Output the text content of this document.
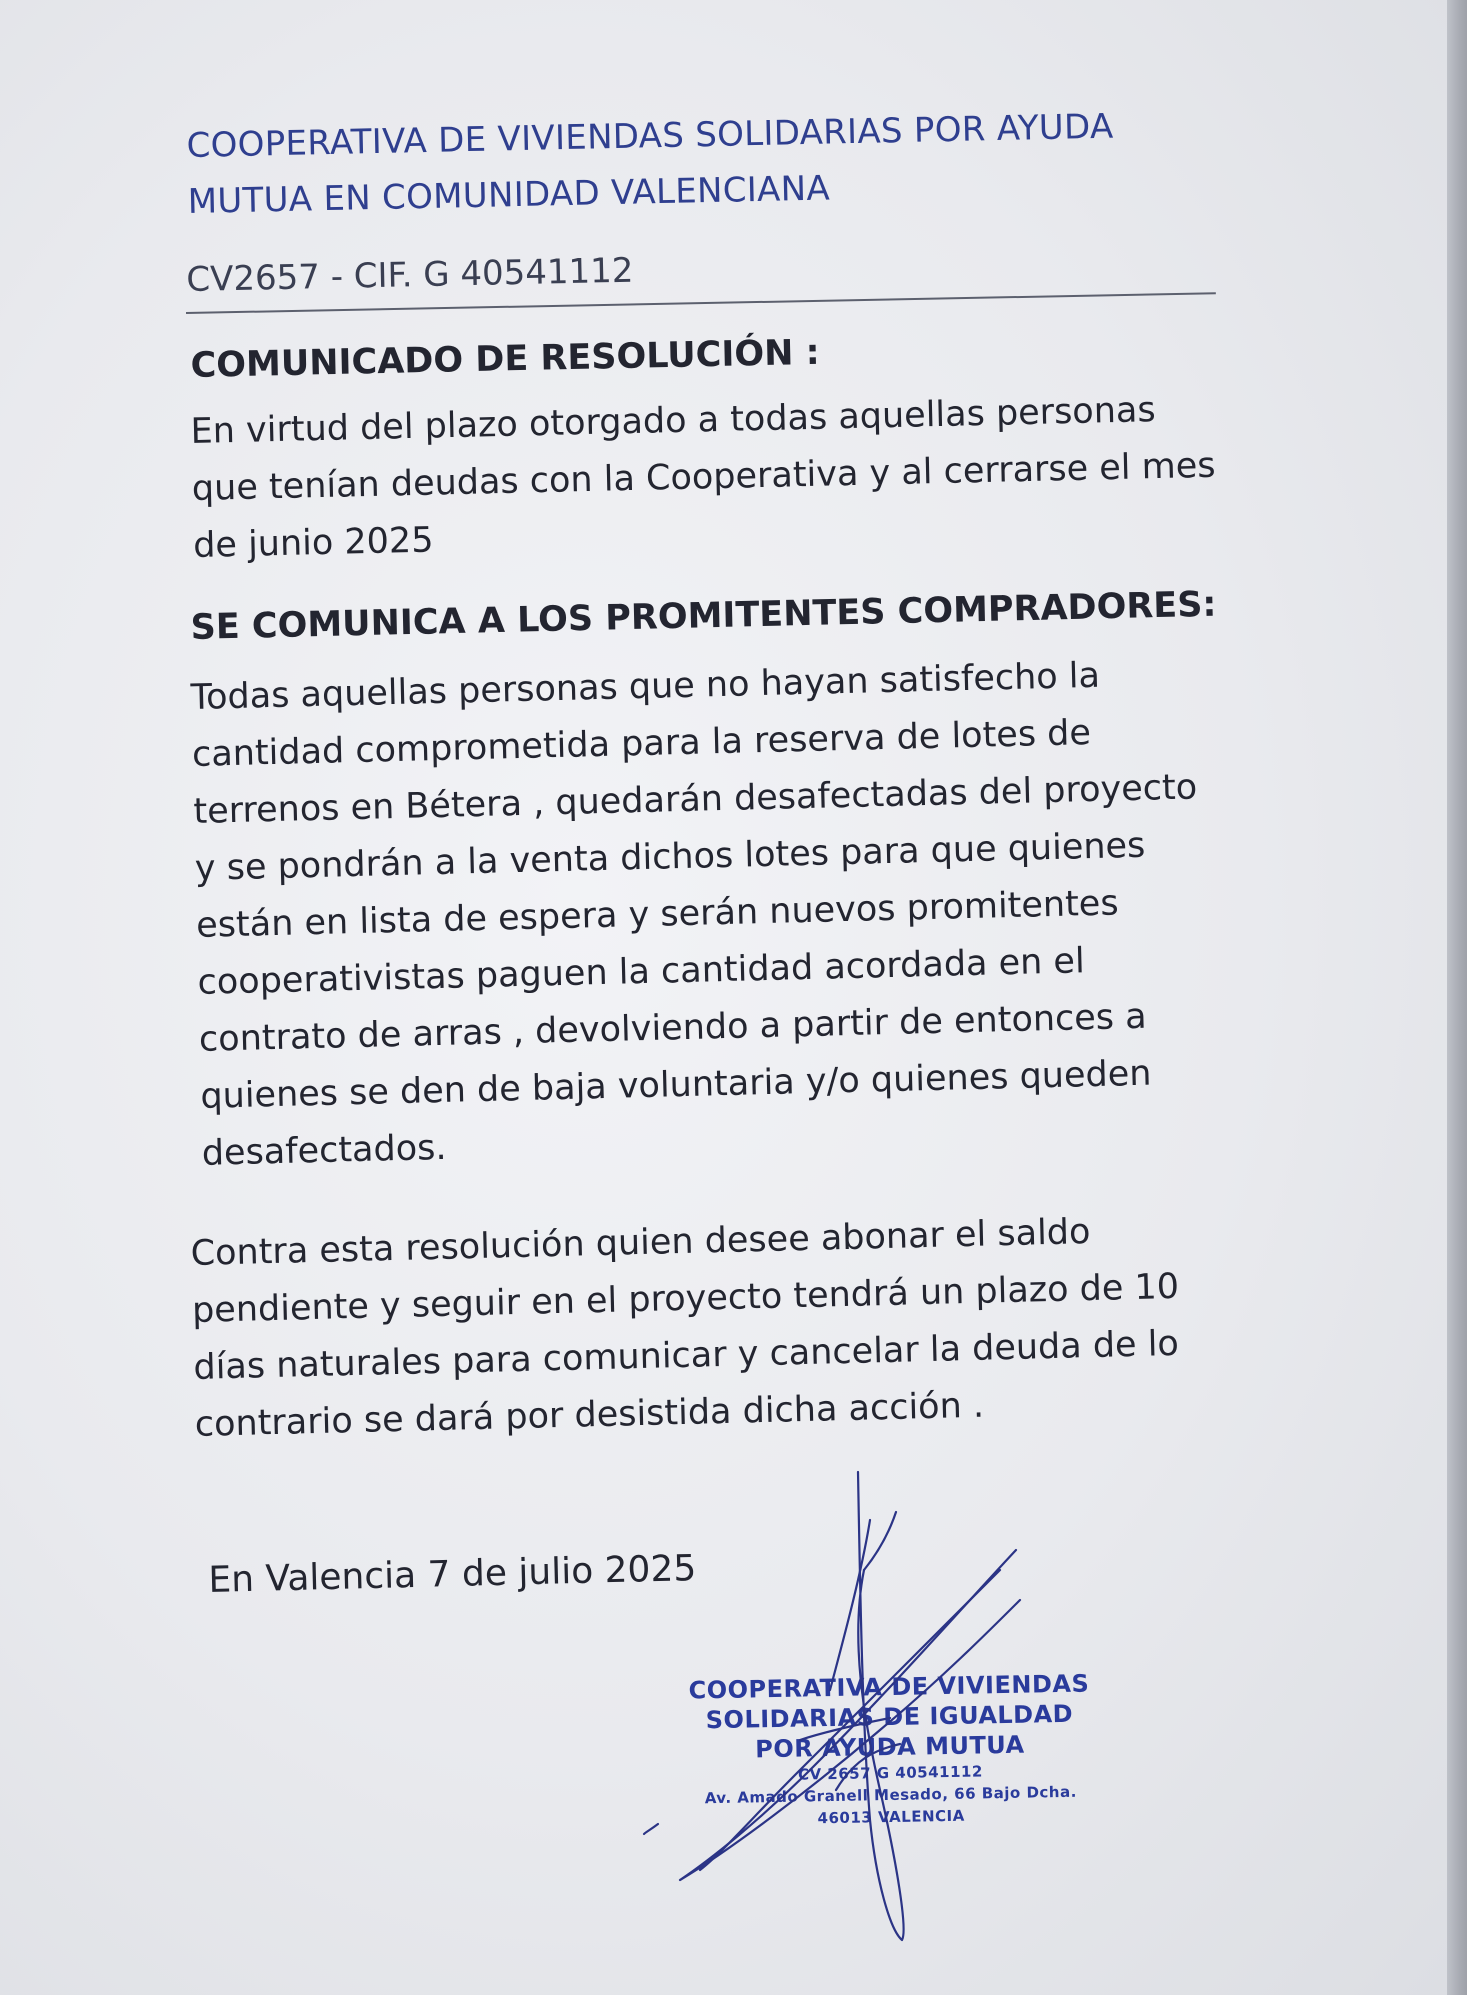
COOPERATIVA DE VIVIENDAS SOLIDARIAS POR AYUDA
MUTUA EN COMUNIDAD VALENCIANA
CV2657 - CIF. G 40541112
COMUNICADO DE RESOLUCIÓN :
En virtud del plazo otorgado a todas aquellas personas
que tenían deudas con la Cooperativa y al cerrarse el mes
de junio 2025
SE COMUNICA A LOS PROMITENTES COMPRADORES:
Todas aquellas personas que no hayan satisfecho la
cantidad comprometida para la reserva de lotes de
terrenos en Bétera , quedarán desafectadas del proyecto
y se pondrán a la venta dichos lotes para que quienes
están en lista de espera y serán nuevos promitentes
cooperativistas paguen la cantidad acordada en el
contrato de arras , devolviendo a partir de entonces a
quienes se den de baja voluntaria y/o quienes queden
desafectados.
Contra esta resolución quien desee abonar el saldo
pendiente y seguir en el proyecto tendrá un plazo de 10
días naturales para comunicar y cancelar la deuda de lo
contrario se dará por desistida dicha acción .
En Valencia 7 de julio 2025
COOPERATIVA DE VIVIENDAS
SOLIDARIAS DE IGUALDAD
POR AYUDA MUTUA
CV 2657 G 40541112
Av. Amado Granell Mesado, 66 Bajo Dcha.
46013 VALENCIA
